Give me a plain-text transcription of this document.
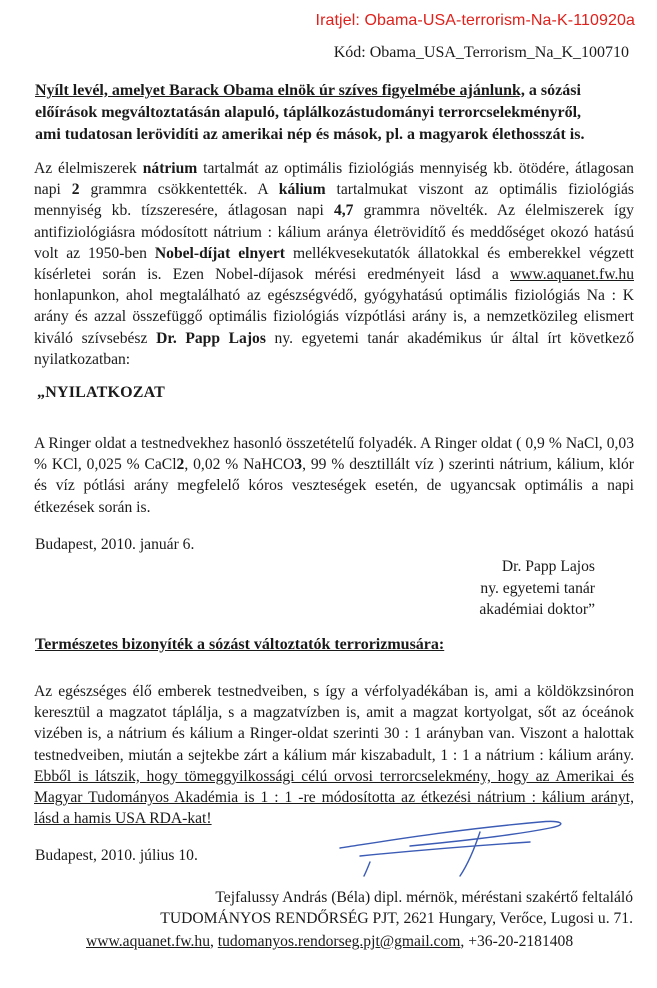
Iratjel: Obama-USA-terrorism-Na-K-110920a
Kód: Obama_USA_Terrorism_Na_K_100710
Nyílt levél, amelyet Barack Obama elnök úr szíves figyelmébe ajánlunk, a sózási
előírások megváltoztatásán alapuló, táplálkozástudományi terrorcselekményről,
ami tudatosan lerövidíti az amerikai nép és mások, pl. a magyarok élethosszát is.
Az élelmiszerek nátrium tartalmát az optimális fiziológiás mennyiség kb. ötödére, átlagosan napi 2 grammra csökkentették. A kálium tartalmukat viszont az optimális fiziológiás mennyiség kb. tízszeresére, átlagosan napi 4,7 grammra növelték. Az élelmiszerek így antifiziológiásra módosított nátrium : kálium aránya életrövidítő és meddőséget okozó hatású volt az 1950-ben Nobel-díjat elnyert mellékvesekutatók állatokkal és emberekkel végzett kísérletei során is. Ezen Nobel-díjasok mérési eredményeit lásd a www.aquanet.fw.hu honlapunkon, ahol megtalálható az egészségvédő, gyógyhatású optimális fiziológiás Na : K arány és azzal összefüggő optimális fiziológiás vízpótlási arány is, a nemzetközileg elismert kiváló szívsebész Dr. Papp Lajos ny. egyetemi tanár akadémikus úr által írt következő nyilatkozatban:
„NYILATKOZAT
A Ringer oldat a testnedvekhez hasonló összetételű folyadék. A Ringer oldat ( 0,9 % NaCl, 0,03 % KCl, 0,025 % CaCl2, 0,02 % NaHCO3, 99 % desztillált víz ) szerinti nátrium, kálium, klór és víz pótlási arány megfelelő kóros veszteségek esetén, de ugyancsak optimális a napi étkezések során is.
Budapest, 2010. január 6.
Dr. Papp Lajos
ny. egyetemi tanár
akadémiai doktor”
Természetes bizonyíték a sózást változtatók terrorizmusára:
Az egészséges élő emberek testnedveiben, s így a vérfolyadékában is, ami a köldökzsinóron keresztül a magzatot táplálja, s a magzatvízben is, amit a magzat kortyolgat, sőt az óceánok vizében is, a nátrium és kálium a Ringer-oldat szerinti 30 : 1 arányban van. Viszont a halottak testnedveiben, miután a sejtekbe zárt a kálium már kiszabadult, 1 : 1 a nátrium : kálium arány. Ebből is látszik, hogy tömeggyilkossági célú orvosi terrorcselekmény, hogy az Amerikai és Magyar Tudományos Akadémia is 1 : 1 -re módosította az étkezési nátrium : kálium arányt, lásd a hamis USA RDA-kat!
Budapest, 2010. július 10.
Tejfalussy András (Béla) dipl. mérnök, méréstani szakértő feltaláló
TUDOMÁNYOS RENDŐRSÉG PJT, 2621 Hungary, Verőce, Lugosi u. 71.
www.aquanet.fw.hu, tudomanyos.rendorseg.pjt@gmail.com, +36-20-2181408
